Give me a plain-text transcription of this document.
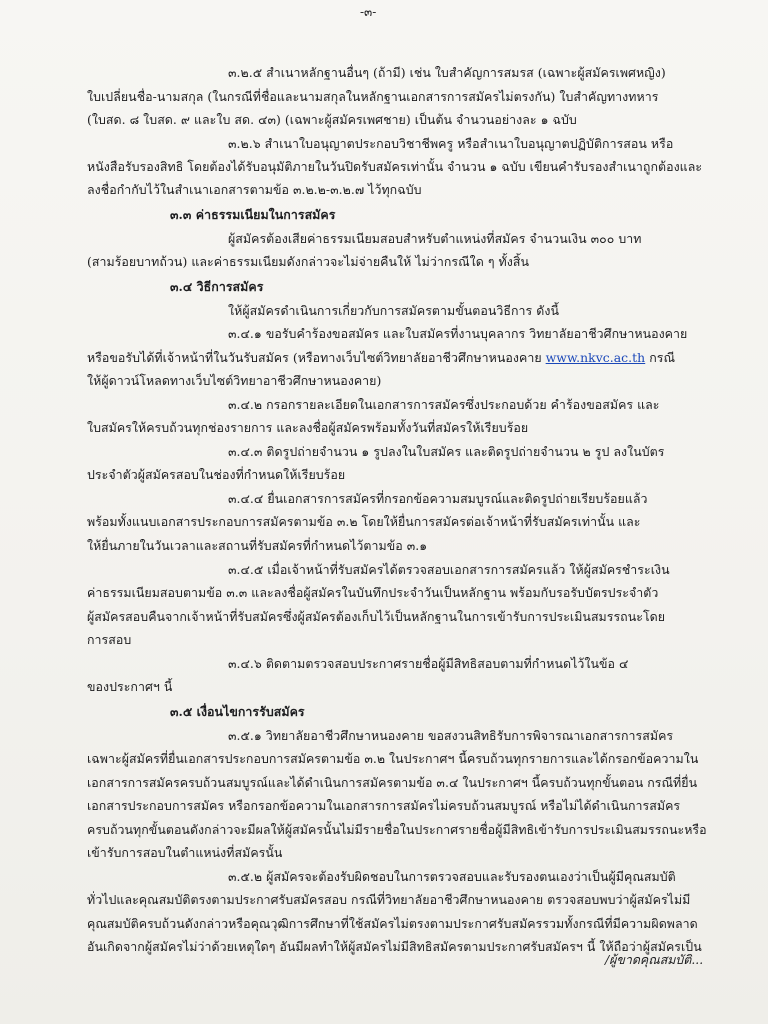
-๓-
๓.๒.๕ สำเนาหลักฐานอื่นๆ (ถ้ามี) เช่น ใบสำคัญการสมรส (เฉพาะผู้สมัครเพศหญิง)
ใบเปลี่ยนชื่อ-นามสกุล (ในกรณีที่ชื่อและนามสกุลในหลักฐานเอกสารการสมัครไม่ตรงกัน) ใบสำคัญทางทหาร
(ใบสด. ๘ ใบสด. ๙ และใบ สด. ๔๓) (เฉพาะผู้สมัครเพศชาย) เป็นต้น จำนวนอย่างละ ๑ ฉบับ
๓.๒.๖ สำเนาใบอนุญาตประกอบวิชาชีพครู หรือสำเนาใบอนุญาตปฏิบัติการสอน หรือ
หนังสือรับรองสิทธิ โดยต้องได้รับอนุมัติภายในวันปิดรับสมัครเท่านั้น จำนวน ๑ ฉบับ เขียนคำรับรองสำเนาถูกต้องและ
ลงชื่อกำกับไว้ในสำเนาเอกสารตามข้อ ๓.๒.๒-๓.๒.๗ ไว้ทุกฉบับ
๓.๓ ค่าธรรมเนียมในการสมัคร
ผู้สมัครต้องเสียค่าธรรมเนียมสอบสำหรับตำแหน่งที่สมัคร จำนวนเงิน ๓๐๐ บาท
(สามร้อยบาทถ้วน) และค่าธรรมเนียมดังกล่าวจะไม่จ่ายคืนให้ ไม่ว่ากรณีใด ๆ ทั้งสิ้น
๓.๔ วิธีการสมัคร
ให้ผู้สมัครดำเนินการเกี่ยวกับการสมัครตามขั้นตอนวิธีการ ดังนี้
๓.๔.๑ ขอรับคำร้องขอสมัคร และใบสมัครที่งานบุคลากร วิทยาลัยอาชีวศึกษาหนองคาย
หรือขอรับได้ที่เจ้าหน้าที่ในวันรับสมัคร (หรือทางเว็บไซต์วิทยาลัยอาชีวศึกษาหนองคาย www.nkvc.ac.th กรณี
ให้ผู้ดาวน์โหลดทางเว็บไซต์วิทยาอาชีวศึกษาหนองคาย)
๓.๔.๒ กรอกรายละเอียดในเอกสารการสมัครซึ่งประกอบด้วย คำร้องขอสมัคร และ
ใบสมัครให้ครบถ้วนทุกช่องรายการ และลงชื่อผู้สมัครพร้อมทั้งวันที่สมัครให้เรียบร้อย
๓.๔.๓ ติดรูปถ่ายจำนวน ๑ รูปลงในใบสมัคร และติดรูปถ่ายจำนวน ๒ รูป ลงในบัตร
ประจำตัวผู้สมัครสอบในช่องที่กำหนดให้เรียบร้อย
๓.๔.๔ ยื่นเอกสารการสมัครที่กรอกข้อความสมบูรณ์และติดรูปถ่ายเรียบร้อยแล้ว
พร้อมทั้งแนบเอกสารประกอบการสมัครตามข้อ ๓.๒ โดยให้ยื่นการสมัครต่อเจ้าหน้าที่รับสมัครเท่านั้น และ
ให้ยื่นภายในวันเวลาและสถานที่รับสมัครที่กำหนดไว้ตามข้อ ๓.๑
๓.๔.๕ เมื่อเจ้าหน้าที่รับสมัครได้ตรวจสอบเอกสารการสมัครแล้ว ให้ผู้สมัครชำระเงิน
ค่าธรรมเนียมสอบตามข้อ ๓.๓ และลงชื่อผู้สมัครในบันทึกประจำวันเป็นหลักฐาน พร้อมกับรอรับบัตรประจำตัว
ผู้สมัครสอบคืนจากเจ้าหน้าที่รับสมัครซึ่งผู้สมัครต้องเก็บไว้เป็นหลักฐานในการเข้ารับการประเมินสมรรถนะโดย
การสอบ
๓.๔.๖ ติดตามตรวจสอบประกาศรายชื่อผู้มีสิทธิสอบตามที่กำหนดไว้ในข้อ ๔
ของประกาศฯ นี้
๓.๕ เงื่อนไขการรับสมัคร
๓.๕.๑ วิทยาลัยอาชีวศึกษาหนองคาย ขอสงวนสิทธิรับการพิจารณาเอกสารการสมัคร
เฉพาะผู้สมัครที่ยื่นเอกสารประกอบการสมัครตามข้อ ๓.๒ ในประกาศฯ นี้ครบถ้วนทุกรายการและได้กรอกข้อความใน
เอกสารการสมัครครบถ้วนสมบูรณ์และได้ดำเนินการสมัครตามข้อ ๓.๔ ในประกาศฯ นี้ครบถ้วนทุกขั้นตอน กรณีที่ยื่น
เอกสารประกอบการสมัคร หรือกรอกข้อความในเอกสารการสมัครไม่ครบถ้วนสมบูรณ์ หรือไม่ได้ดำเนินการสมัคร
ครบถ้วนทุกขั้นตอนดังกล่าวจะมีผลให้ผู้สมัครนั้นไม่มีรายชื่อในประกาศรายชื่อผู้มีสิทธิเข้ารับการประเมินสมรรถนะหรือ
เข้ารับการสอบในตำแหน่งที่สมัครนั้น
๓.๕.๒ ผู้สมัครจะต้องรับผิดชอบในการตรวจสอบและรับรองตนเองว่าเป็นผู้มีคุณสมบัติ
ทั่วไปและคุณสมบัติตรงตามประกาศรับสมัครสอบ กรณีที่วิทยาลัยอาชีวศึกษาหนองคาย ตรวจสอบพบว่าผู้สมัครไม่มี
คุณสมบัติครบถ้วนดังกล่าวหรือคุณวุฒิการศึกษาที่ใช้สมัครไม่ตรงตามประกาศรับสมัครรวมทั้งกรณีที่มีความผิดพลาด
อันเกิดจากผู้สมัครไม่ว่าด้วยเหตุใดๆ อันมีผลทำให้ผู้สมัครไม่มีสิทธิสมัครตามประกาศรับสมัครฯ นี้ ให้ถือว่าผู้สมัครเป็น
/ผู้ขาดคุณสมบัติ...
